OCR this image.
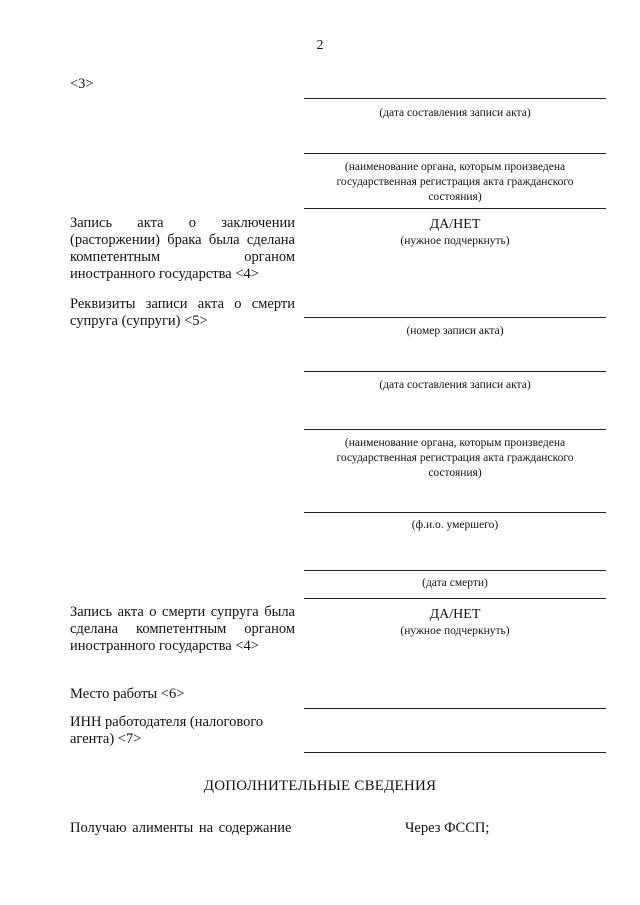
2
<3>
(дата составления записи акта)
(наименование органа, которым произведена государственная регистрация акта гражданского состояния)
Запись акта о заключении (расторжении) брака была сделана компетентным органом иностранного государства <4>
ДА/НЕТ
(нужное подчеркнуть)
Реквизиты записи акта о смерти супруга (супруги) <5>
(номер записи акта)
(дата составления записи акта)
(наименование органа, которым произведена государственная регистрация акта гражданского состояния)
(ф.и.о. умершего)
(дата смерти)
Запись акта о смерти супруга была сделана компетентным органом иностранного государства <4>
ДА/НЕТ
(нужное подчеркнуть)
Место работы <6>
ИНН работодателя (налогового агента) <7>
ДОПОЛНИТЕЛЬНЫЕ СВЕДЕНИЯ
Получаю алименты на содержание	Через ФССП;
